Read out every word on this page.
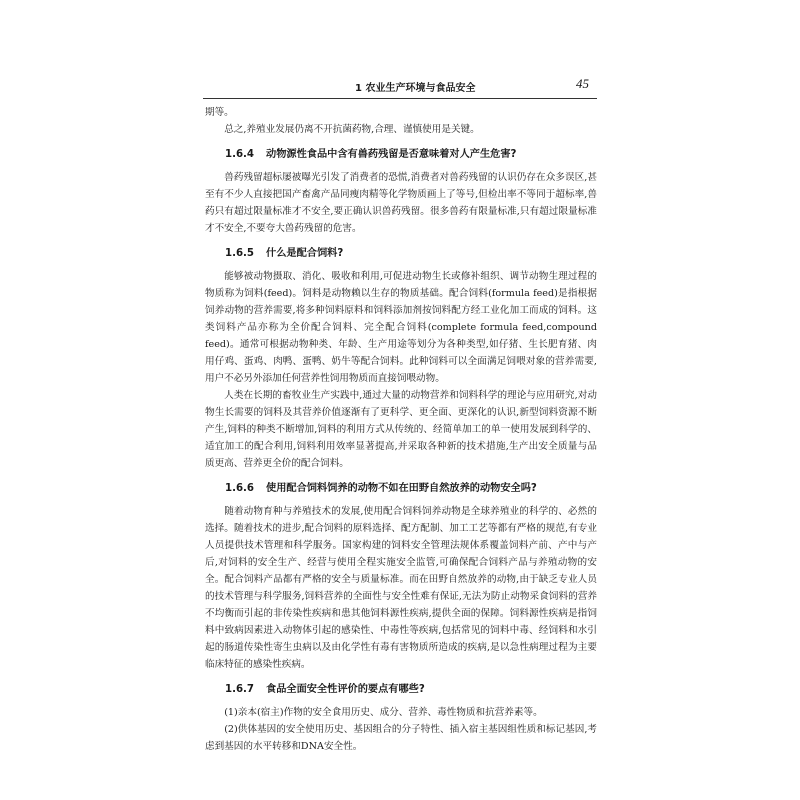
1 农业生产环境与食品安全	45

期等。

总之,养殖业发展仍离不开抗菌药物,合理、谨慎使用是关键。

1.6.4 动物源性食品中含有兽药残留是否意味着对人产生危害?

兽药残留超标屡被曝光引发了消费者的恐慌,消费者对兽药残留的认识仍存在众多误区,甚至有不少人直接把国产畜禽产品同瘦肉精等化学物质画上了等号,但检出率不等同于超标率,兽药只有超过限量标准才不安全,要正确认识兽药残留。很多兽药有限量标准,只有超过限量标准才不安全,不要夸大兽药残留的危害。

1.6.5 什么是配合饲料?

能够被动物摄取、消化、吸收和利用,可促进动物生长或修补组织、调节动物生理过程的物质称为饲料(feed)。饲料是动物赖以生存的物质基础。配合饲料(formula feed)是指根据饲养动物的营养需要,将多种饲料原料和饲料添加剂按饲料配方经工业化加工而成的饲料。这类饲料产品亦称为全价配合饲料、完全配合饲料(complete formula feed,compound feed)。通常可根据动物种类、年龄、生产用途等划分为各种类型,如仔猪、生长肥育猪、肉用仔鸡、蛋鸡、肉鸭、蛋鸭、奶牛等配合饲料。此种饲料可以全面满足饲喂对象的营养需要,用户不必另外添加任何营养性饲用物质而直接饲喂动物。

人类在长期的畜牧业生产实践中,通过大量的动物营养和饲料科学的理论与应用研究,对动物生长需要的饲料及其营养价值逐渐有了更科学、更全面、更深化的认识,新型饲料资源不断产生,饲料的种类不断增加,饲料的利用方式从传统的、经简单加工的单一使用发展到科学的、适宜加工的配合利用,饲料利用效率显著提高,并采取各种新的技术措施,生产出安全质量与品质更高、营养更全价的配合饲料。

1.6.6 使用配合饲料饲养的动物不如在田野自然放养的动物安全吗?

随着动物育种与养殖技术的发展,使用配合饲料饲养动物是全球养殖业的科学的、必然的选择。随着技术的进步,配合饲料的原料选择、配方配制、加工工艺等都有严格的规范,有专业人员提供技术管理和科学服务。国家构建的饲料安全管理法规体系覆盖饲料产前、产中与产后,对饲料的安全生产、经营与使用全程实施安全监管,可确保配合饲料产品与养殖动物的安全。配合饲料产品都有严格的安全与质量标准。而在田野自然放养的动物,由于缺乏专业人员的技术管理与科学服务,饲料营养的全面性与安全性难有保证,无法为防止动物采食饲料的营养不均衡而引起的非传染性疾病和患其他饲料源性疾病,提供全面的保障。饲料源性疾病是指饲料中致病因素进入动物体引起的感染性、中毒性等疾病,包括常见的饲料中毒、经饲料和水引起的肠道传染性寄生虫病以及由化学性有毒有害物质所造成的疾病,是以急性病理过程为主要临床特征的感染性疾病。

1.6.7 食品全面安全性评价的要点有哪些?

(1)亲本(宿主)作物的安全食用历史、成分、营养、毒性物质和抗营养素等。

(2)供体基因的安全使用历史、基因组合的分子特性、插入宿主基因组性质和标记基因,考虑到基因的水平转移和DNA安全性。
